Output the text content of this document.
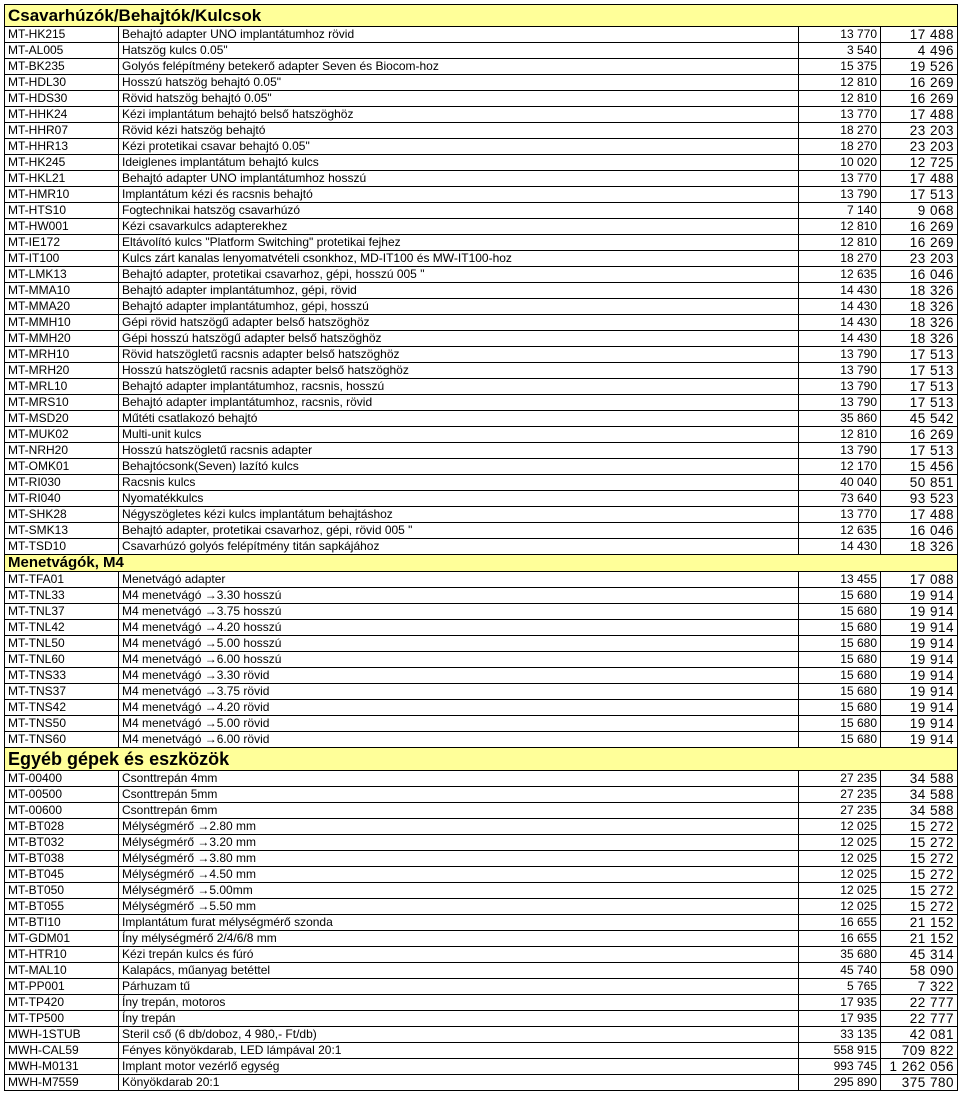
Csavarhúzók/Behajtók/Kulcsok			
MT-HK215	Behajtó adapter UNO implantátumhoz rövid	13 770	17 488
MT-AL005	Hatszög kulcs 0.05"	3 540	4 496
MT-BK235	Golyós felépítmény betekerő adapter Seven és Biocom-hoz	15 375	19 526
MT-HDL30	Hosszú hatszög behajtó 0.05"	12 810	16 269
MT-HDS30	Rövid hatszög behajtó 0.05"	12 810	16 269
MT-HHK24	Kézi implantátum behajtó belső hatszöghöz	13 770	17 488
MT-HHR07	Rövid kézi hatszög behajtó	18 270	23 203
MT-HHR13	Kézi protetikai csavar behajtó 0.05"	18 270	23 203
MT-HK245	Ideiglenes implantátum behajtó kulcs	10 020	12 725
MT-HKL21	Behajtó adapter UNO implantátumhoz hosszú	13 770	17 488
MT-HMR10	Implantátum kézi és racsnis behajtó	13 790	17 513
MT-HTS10	Fogtechnikai hatszög csavarhúzó	7 140	9 068
MT-HW001	Kézi csavarkulcs adapterekhez	12 810	16 269
MT-IE172	Eltávolító kulcs "Platform Switching" protetikai fejhez	12 810	16 269
MT-IT100	Kulcs zárt kanalas lenyomatvételi csonkhoz, MD-IT100 és MW-IT100-hoz	18 270	23 203
MT-LMK13	Behajtó adapter, protetikai csavarhoz, gépi, hosszú 005 "	12 635	16 046
MT-MMA10	Behajtó adapter implantátumhoz, gépi, rövid	14 430	18 326
MT-MMA20	Behajtó adapter implantátumhoz, gépi, hosszú	14 430	18 326
MT-MMH10	Gépi rövid hatszögű adapter belső hatszöghöz	14 430	18 326
MT-MMH20	Gépi hosszú hatszögű adapter belső hatszöghöz	14 430	18 326
MT-MRH10	Rövid hatszögletű racsnis adapter belső hatszöghöz	13 790	17 513
MT-MRH20	Hosszú hatszögletű racsnis adapter belső hatszöghöz	13 790	17 513
MT-MRL10	Behajtó adapter implantátumhoz, racsnis, hosszú	13 790	17 513
MT-MRS10	Behajtó adapter implantátumhoz, racsnis, rövid	13 790	17 513
MT-MSD20	Műtéti csatlakozó behajtó	35 860	45 542
MT-MUK02	Multi-unit kulcs	12 810	16 269
MT-NRH20	Hosszú hatszögletű racsnis adapter	13 790	17 513
MT-OMK01	Behajtócsonk(Seven) lazító kulcs	12 170	15 456
MT-RI030	Racsnis kulcs	40 040	50 851
MT-RI040	Nyomatékkulcs	73 640	93 523
MT-SHK28	Négyszögletes kézi kulcs implantátum behajtáshoz	13 770	17 488
MT-SMK13	Behajtó adapter, protetikai csavarhoz, gépi, rövid 005 "	12 635	16 046
MT-TSD10	Csavarhúzó golyós felépítmény titán sapkájához	14 430	18 326
Menetvágók, M4			
MT-TFA01	Menetvágó adapter	13 455	17 088
MT-TNL33	M4 menetvágó →3.30 hosszú	15 680	19 914
MT-TNL37	M4 menetvágó →3.75 hosszú	15 680	19 914
MT-TNL42	M4 menetvágó →4.20 hosszú	15 680	19 914
MT-TNL50	M4 menetvágó →5.00 hosszú	15 680	19 914
MT-TNL60	M4 menetvágó →6.00 hosszú	15 680	19 914
MT-TNS33	M4 menetvágó →3.30 rövid	15 680	19 914
MT-TNS37	M4 menetvágó →3.75 rövid	15 680	19 914
MT-TNS42	M4 menetvágó →4.20 rövid	15 680	19 914
MT-TNS50	M4 menetvágó →5.00 rövid	15 680	19 914
MT-TNS60	M4 menetvágó →6.00 rövid	15 680	19 914
Egyéb gépek és eszközök			
MT-00400	Csonttrepán 4mm	27 235	34 588
MT-00500	Csonttrepán 5mm	27 235	34 588
MT-00600	Csonttrepán 6mm	27 235	34 588
MT-BT028	Mélységmérő →2.80 mm	12 025	15 272
MT-BT032	Mélységmérő →3.20 mm	12 025	15 272
MT-BT038	Mélységmérő →3.80 mm	12 025	15 272
MT-BT045	Mélységmérő →4.50 mm	12 025	15 272
MT-BT050	Mélységmérő →5.00mm	12 025	15 272
MT-BT055	Mélységmérő →5.50 mm	12 025	15 272
MT-BTI10	Implantátum furat mélységmérő szonda	16 655	21 152
MT-GDM01	Íny mélységmérő 2/4/6/8 mm	16 655	21 152
MT-HTR10	Kézi trepán kulcs és fúró	35 680	45 314
MT-MAL10	Kalapács, műanyag betéttel	45 740	58 090
MT-PP001	Párhuzam tű	5 765	7 322
MT-TP420	Íny trepán, motoros	17 935	22 777
MT-TP500	Íny trepán	17 935	22 777
MWH-1STUB	Steril cső (6 db/doboz, 4 980,- Ft/db)	33 135	42 081
MWH-CAL59	Fényes könyökdarab, LED lámpával 20:1	558 915	709 822
MWH-M0131	Implant motor vezérlő egység	993 745	1 262 056
MWH-M7559	Könyökdarab 20:1	295 890	375 780
